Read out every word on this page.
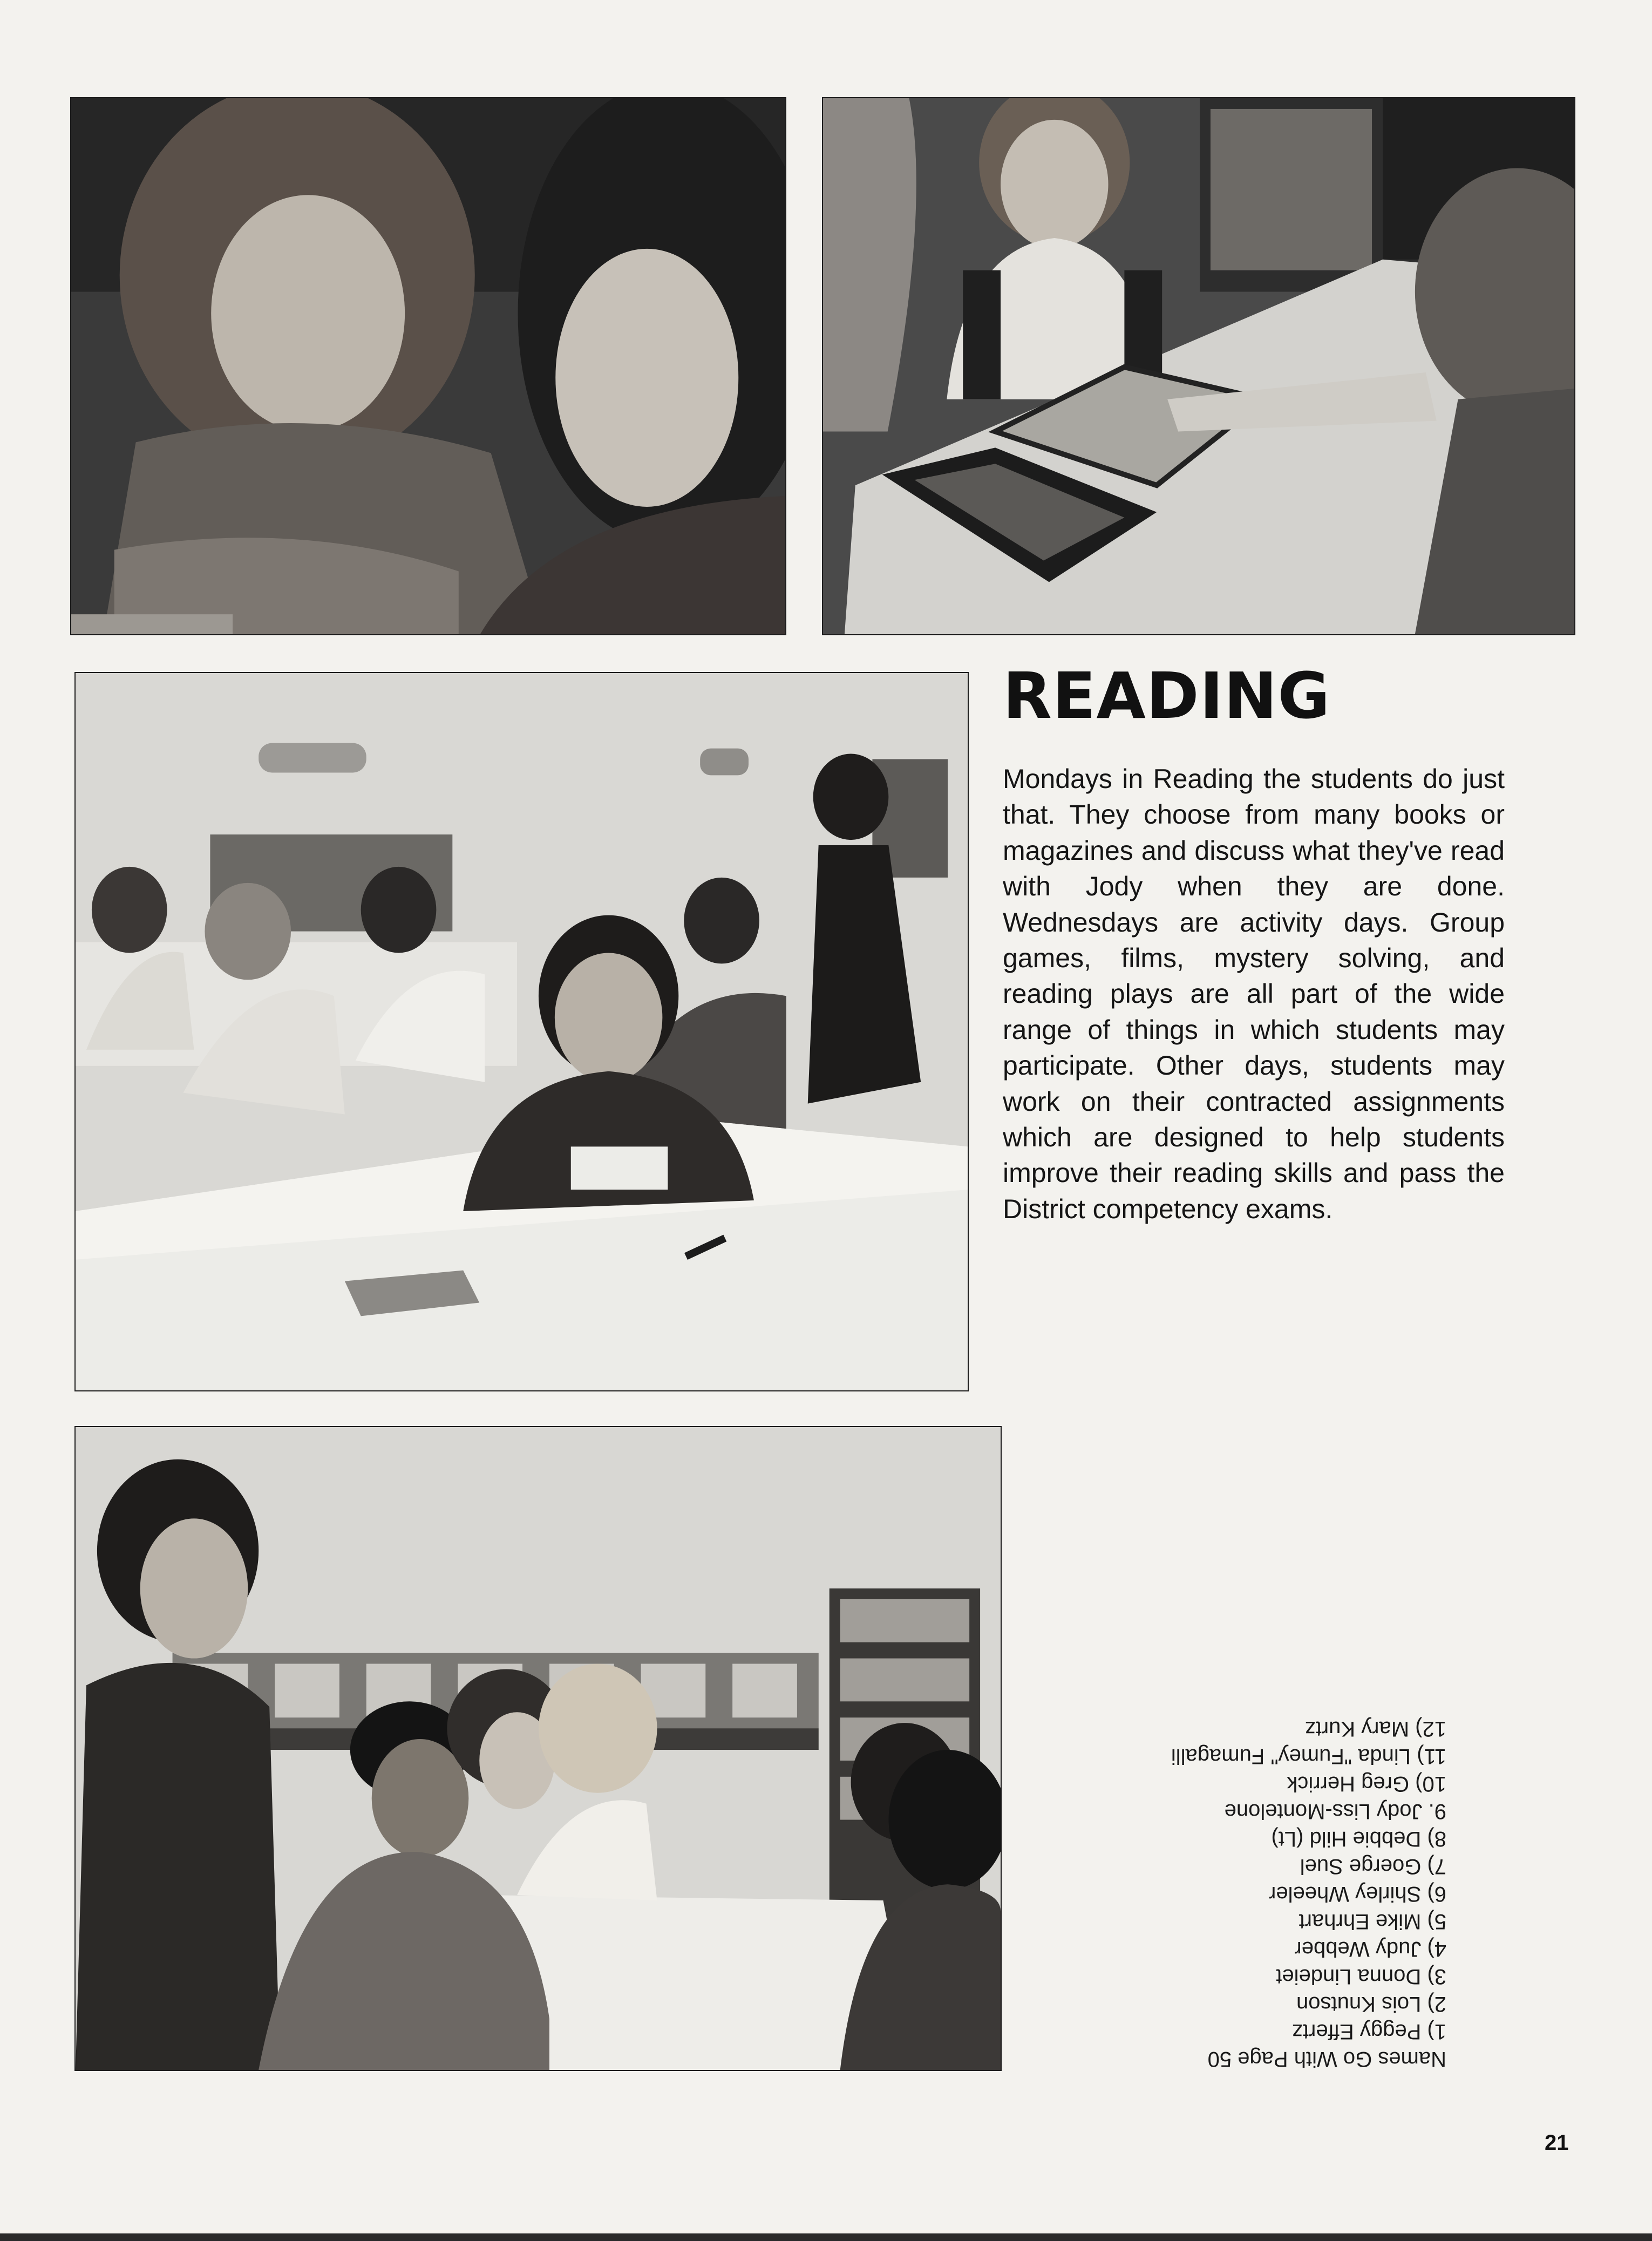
READING

Mondays in Reading the students do just that. They choose from many books or magazines and discuss what they've read with Jody when they are done. Wednesdays are activity days. Group games, films, mystery solving, and reading plays are all part of the wide range of things in which students may participate. Other days, students may work on their contracted assignments which are designed to help students improve their reading skills and pass the District competency exams.

Names Go With Page 50
1) Peggy Effertz
2) Lois Knutson
3) Donna Lindeiet
4) Judy Webber
5) Mike Ehrhart
6) Shirley Wheeler
7) Goerge Suel
8) Debbie Hild (Lt)
9. Jody Liss-Montelone
10) Greg Herrick
11) Linda "Fumey" Fumagalli
12) Mary Kurtz

21
